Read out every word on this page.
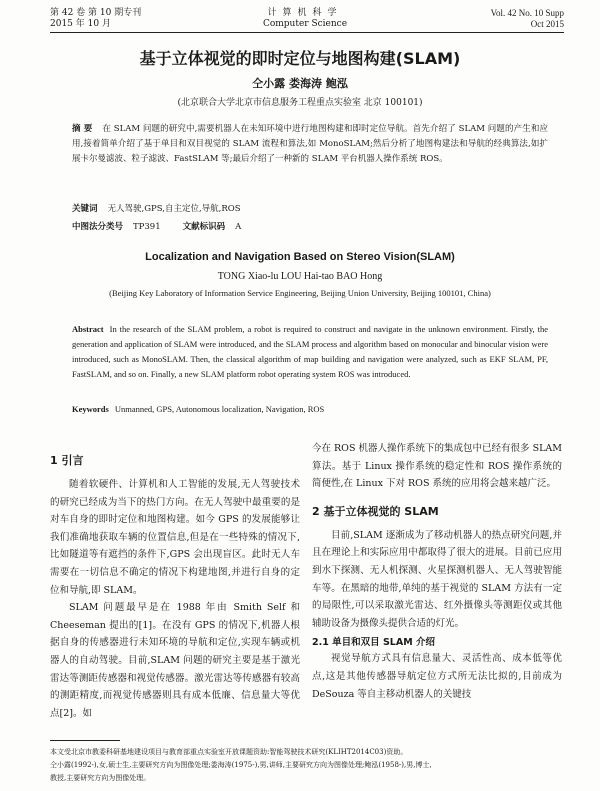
第 42 卷 第 10 期专刊
2015 年 10 月
计算机科学
Computer Science
Vol. 42 No. 10 Supp
Oct 2015
基于立体视觉的即时定位与地图构建(SLAM)
仝小露 娄海涛 鲍泓
(北京联合大学北京市信息服务工程重点实验室 北京 100101)
摘 要 在 SLAM 问题的研究中,需要机器人在未知环境中进行地图构建和即时定位导航。首先介绍了 SLAM 问题的产生和应用,接着简单介绍了基于单目和双目视觉的 SLAM 流程和算法,如 MonoSLAM;然后分析了地图构建法和导航的经典算法,如扩展卡尔曼滤波、粒子滤波、FastSLAM 等;最后介绍了一种新的 SLAM 平台机器人操作系统 ROS。
关键词 无人驾驶,GPS,自主定位,导航,ROS
中图法分类号 TP391	文献标识码 A
Localization and Navigation Based on Stereo Vision(SLAM)
TONG Xiao-lu LOU Hai-tao BAO Hong
(Beijing Key Laboratory of Information Service Engineering, Beijing Union University, Beijing 100101, China)
Abstract In the research of the SLAM problem, a robot is required to construct and navigate in the unknown environment. Firstly, the generation and application of SLAM were introduced, and the SLAM process and algorithm based on monocular and binocular vision were introduced, such as MonoSLAM. Then, the classical algorithm of map building and navigation were analyzed, such as EKF SLAM, PF, FastSLAM, and so on. Finally, a new SLAM platform robot operating system ROS was introduced.
Keywords Unmanned, GPS, Autonomous localization, Navigation, ROS
1 引言

随着软硬件、计算机和人工智能的发展,无人驾驶技术的研究已经成为当下的热门方向。在无人驾驶中最重要的是对车自身的即时定位和地图构建。如今 GPS 的发展能够让我们准确地获取车辆的位置信息,但是在一些特殊的情况下,比如隧道等有遮挡的条件下,GPS 会出现盲区。此时无人车需要在一切信息不确定的情况下构建地图,并进行自身的定位和导航,即 SLAM。

SLAM 问题最早是在 1988 年由 Smith Self 和 Cheeseman 提出的[1]。在没有 GPS 的情况下,机器人根据自身的传感器进行未知环境的导航和定位,实现车辆或机器人的自动驾驶。目前,SLAM 问题的研究主要是基于激光雷达等测距传感器和视觉传感器。激光雷达等传感器有较高的测距精度,而视觉传感器则具有成本低廉、信息量大等优点[2]。如

今在 ROS 机器人操作系统下的集成包中已经有很多 SLAM 算法。基于 Linux 操作系统的稳定性和 ROS 操作系统的简便性,在 Linux 下对 ROS 系统的应用将会越来越广泛。

2 基于立体视觉的 SLAM

目前,SLAM 逐渐成为了移动机器人的热点研究问题,并且在理论上和实际应用中都取得了很大的进展。目前已应用到水下探测、无人机探测、火星探测机器人、无人驾驶智能车等。在黑暗的地带,单纯的基于视觉的 SLAM 方法有一定的局限性,可以采取激光雷达、红外摄像头等测距仪或其他辅助设备为摄像头提供合适的灯光。

2.1 单目和双目 SLAM 介绍

视觉导航方式具有信息量大、灵活性高、成本低等优点,这是其他传感器导航定位方式所无法比拟的,目前成为 DeSouza 等自主移动机器人的关键技

本文受北京市教委科研基地建设项目与教育部重点实验室开放课题资助:智能驾驶技术研究(KLIHT2014C03)资助。
仝小露(1992-),女,硕士生,主要研究方向为图像处理;娄海涛(1975-),男,讲师,主要研究方向为图像处理;鲍泓(1958-),男,博士,
教授,主要研究方向为图像处理。
